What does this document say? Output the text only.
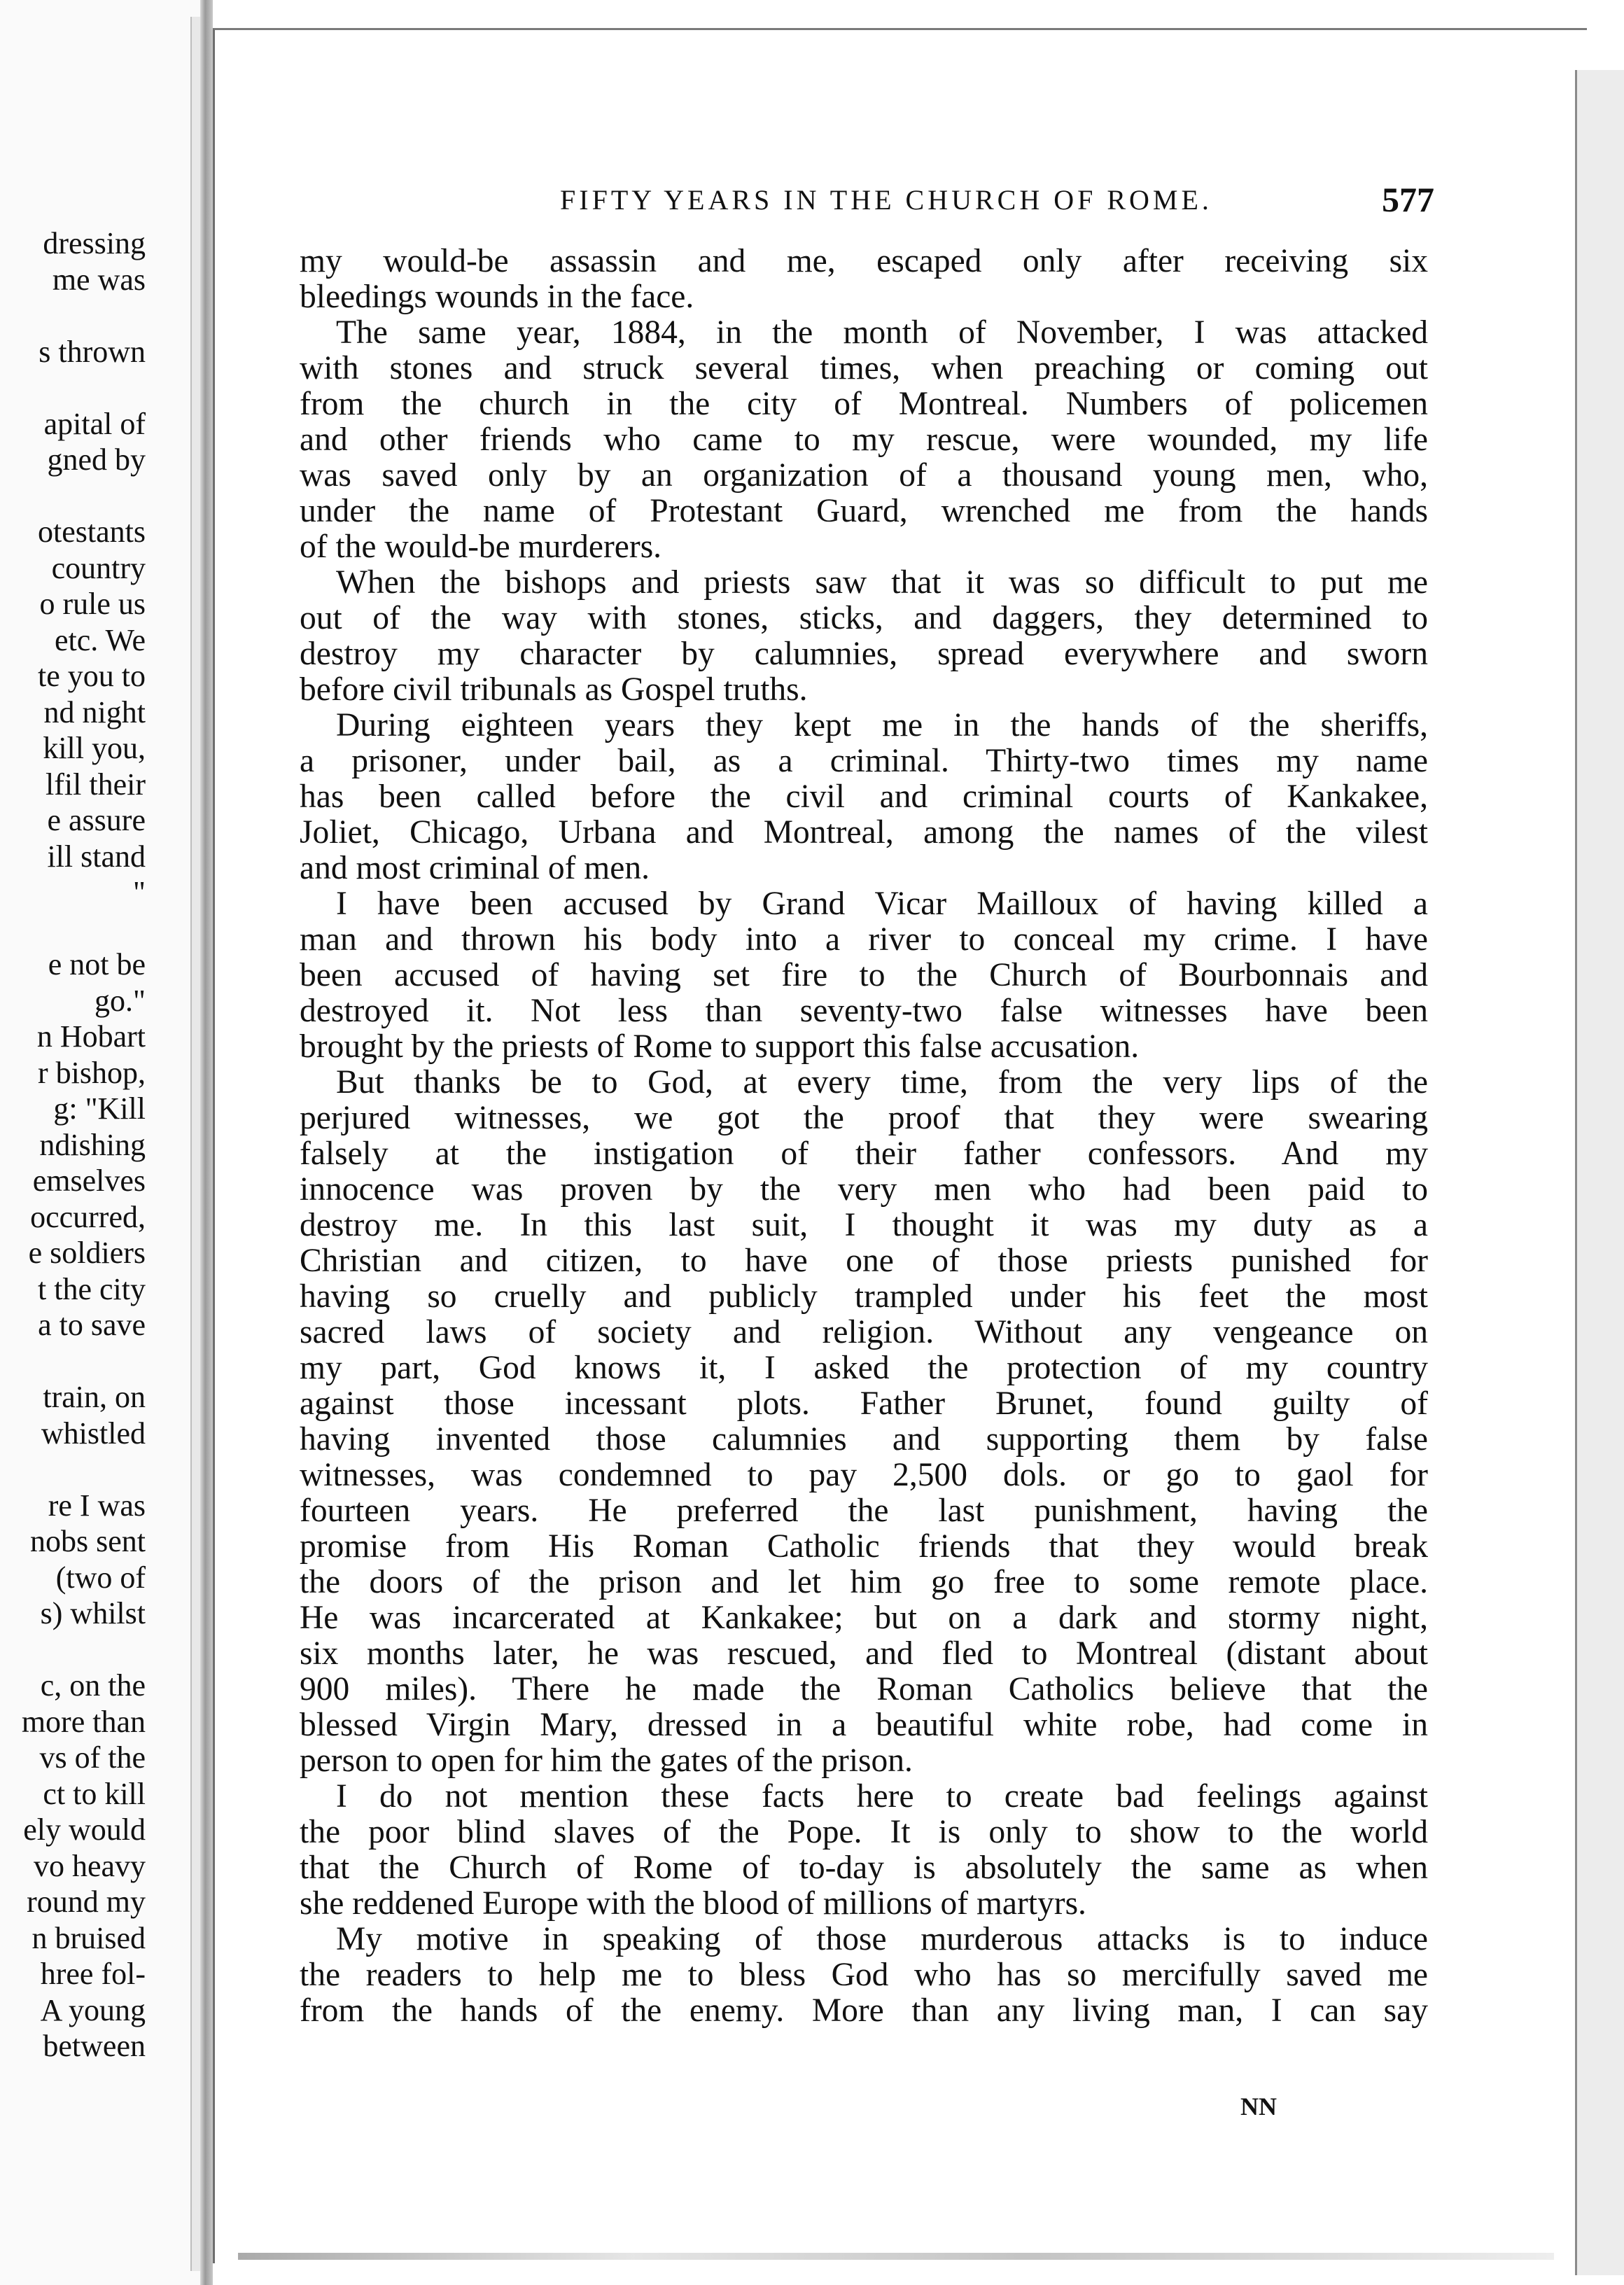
dressing
me was
s thrown
apital of
gned by
otestants
country
o rule us
etc. We
te you to
nd night
kill you,
lfil their
e assure
ill stand
"
e not be
go."
n Hobart
r bishop,
g: "Kill
ndishing
emselves
occurred,
e soldiers
t the city
a to save
train, on
whistled
re I was
nobs sent
(two of
s) whilst
c, on the
more than
vs of the
ct to kill
ely would
vo heavy
round my
n bruised
hree fol-
A young
between
FIFTY YEARS IN THE CHURCH OF ROME.	577
my would-be assassin and me, escaped only after receiving six
bleedings wounds in the face.
The same year, 1884, in the month of November, I was attacked
with stones and struck several times, when preaching or coming out
from the church in the city of Montreal. Numbers of policemen
and other friends who came to my rescue, were wounded, my life
was saved only by an organization of a thousand young men, who,
under the name of Protestant Guard, wrenched me from the hands
of the would-be murderers.
When the bishops and priests saw that it was so difficult to put me
out of the way with stones, sticks, and daggers, they determined to
destroy my character by calumnies, spread everywhere and sworn
before civil tribunals as Gospel truths.
During eighteen years they kept me in the hands of the sheriffs,
a prisoner, under bail, as a criminal. Thirty-two times my name
has been called before the civil and criminal courts of Kankakee,
Joliet, Chicago, Urbana and Montreal, among the names of the vilest
and most criminal of men.
I have been accused by Grand Vicar Mailloux of having killed a
man and thrown his body into a river to conceal my crime. I have
been accused of having set fire to the Church of Bourbonnais and
destroyed it. Not less than seventy-two false witnesses have been
brought by the priests of Rome to support this false accusation.
But thanks be to God, at every time, from the very lips of the
perjured witnesses, we got the proof that they were swearing
falsely at the instigation of their father confessors. And my
innocence was proven by the very men who had been paid to
destroy me. In this last suit, I thought it was my duty as a
Christian and citizen, to have one of those priests punished for
having so cruelly and publicly trampled under his feet the most
sacred laws of society and religion. Without any vengeance on
my part, God knows it, I asked the protection of my country
against those incessant plots. Father Brunet, found guilty of
having invented those calumnies and supporting them by false
witnesses, was condemned to pay 2,500 dols. or go to gaol for
fourteen years. He preferred the last punishment, having the
promise from His Roman Catholic friends that they would break
the doors of the prison and let him go free to some remote place.
He was incarcerated at Kankakee; but on a dark and stormy night,
six months later, he was rescued, and fled to Montreal (distant about
900 miles). There he made the Roman Catholics believe that the
blessed Virgin Mary, dressed in a beautiful white robe, had come in
person to open for him the gates of the prison.
I do not mention these facts here to create bad feelings against
the poor blind slaves of the Pope. It is only to show to the world
that the Church of Rome of to-day is absolutely the same as when
she reddened Europe with the blood of millions of martyrs.
My motive in speaking of those murderous attacks is to induce
the readers to help me to bless God who has so mercifully saved me
from the hands of the enemy. More than any living man, I can say
NN
